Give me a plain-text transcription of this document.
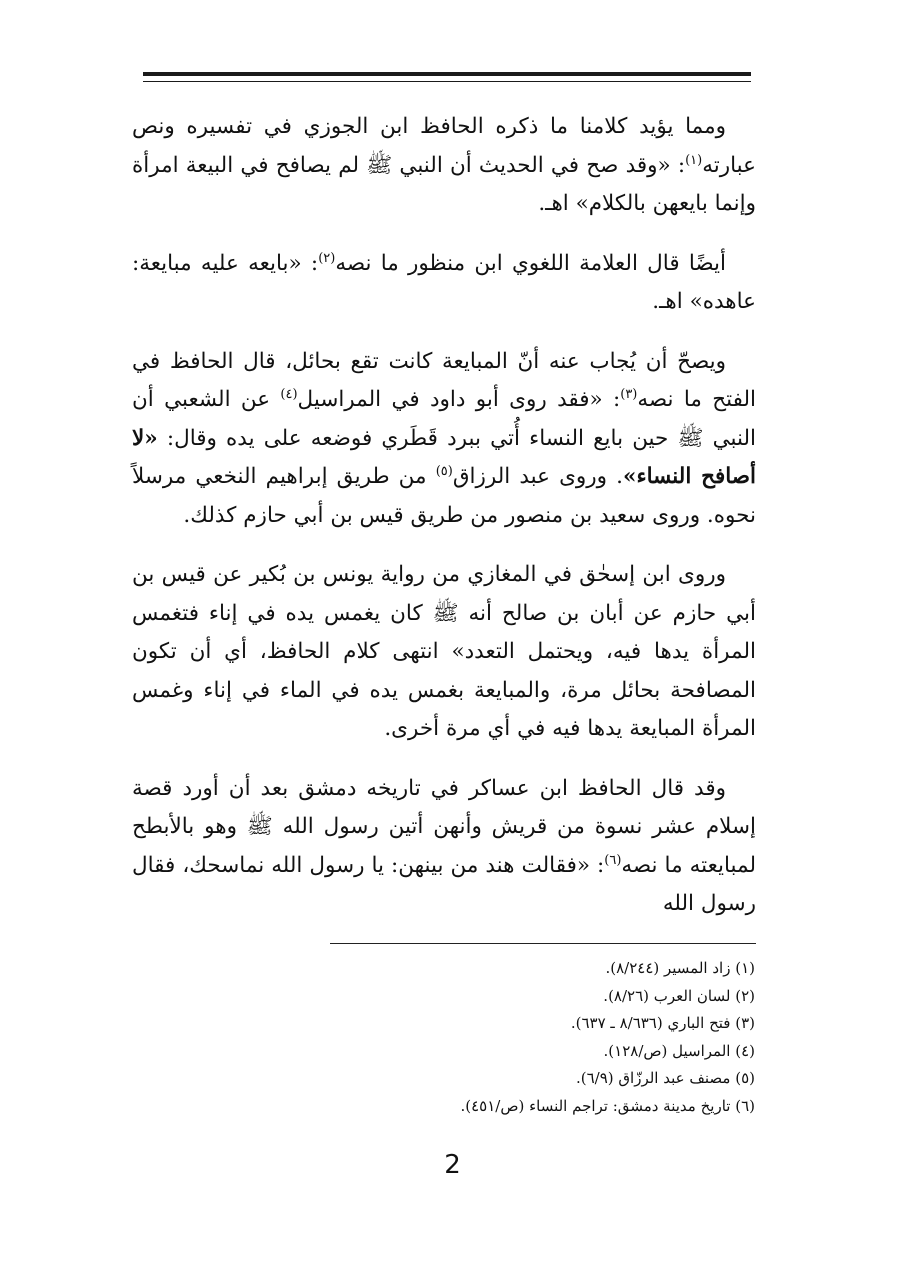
ومما يؤيد كلامنا ما ذكره الحافظ ابن الجوزي في تفسيره ونص عبارته$^{(١)}$: «وقد صح في الحديث أن النبي ﷺ لم يصافح في البيعة امرأة وإنما بايعهن بالكلام» اهـ.

أيضًا قال العلامة اللغوي ابن منظور ما نصه$^{(٢)}$: «بايعه عليه مبايعة: عاهده» اهـ.

ويصحّ أن يُجاب عنه أنّ المبايعة كانت تقع بحائل، قال الحافظ في الفتح ما نصه$^{(٣)}$: «فقد روى أبو داود في المراسيل$^{(٤)}$ عن الشعبي أن النبي ﷺ حين بايع النساء أُتي ببرد قَطَري فوضعه على يده وقال: «لا أصافح النساء». وروى عبد الرزاق$^{(٥)}$ من طريق إبراهيم النخعي مرسلاً نحوه. وروى سعيد بن منصور من طريق قيس بن أبي حازم كذلك.

وروى ابن إسحٰق في المغازي من رواية يونس بن بُكير عن قيس بن أبي حازم عن أبان بن صالح أنه ﷺ كان يغمس يده في إناء فتغمس المرأة يدها فيه، ويحتمل التعدد» انتهى كلام الحافظ، أي أن تكون المصافحة بحائل مرة، والمبايعة بغمس يده في الماء في إناء وغمس المرأة المبايعة يدها فيه في أي مرة أخرى.

وقد قال الحافظ ابن عساكر في تاريخه دمشق بعد أن أورد قصة إسلام عشر نسوة من قريش وأنهن أتين رسول الله ﷺ وهو بالأبطح لمبايعته ما نصه$^{(٦)}$: «فقالت هند من بينهن: يا رسول الله نماسحك، فقال رسول الله

(١) زاد المسير (٨/٢٤٤).
(٢) لسان العرب (٨/٢٦).
(٣) فتح الباري (٨/٦٣٦ ـ ٦٣٧).
(٤) المراسيل (ص/١٢٨).
(٥) مصنف عبد الرزّاق (٦/٩).
(٦) تاريخ مدينة دمشق: تراجم النساء (ص/٤٥١).
2
